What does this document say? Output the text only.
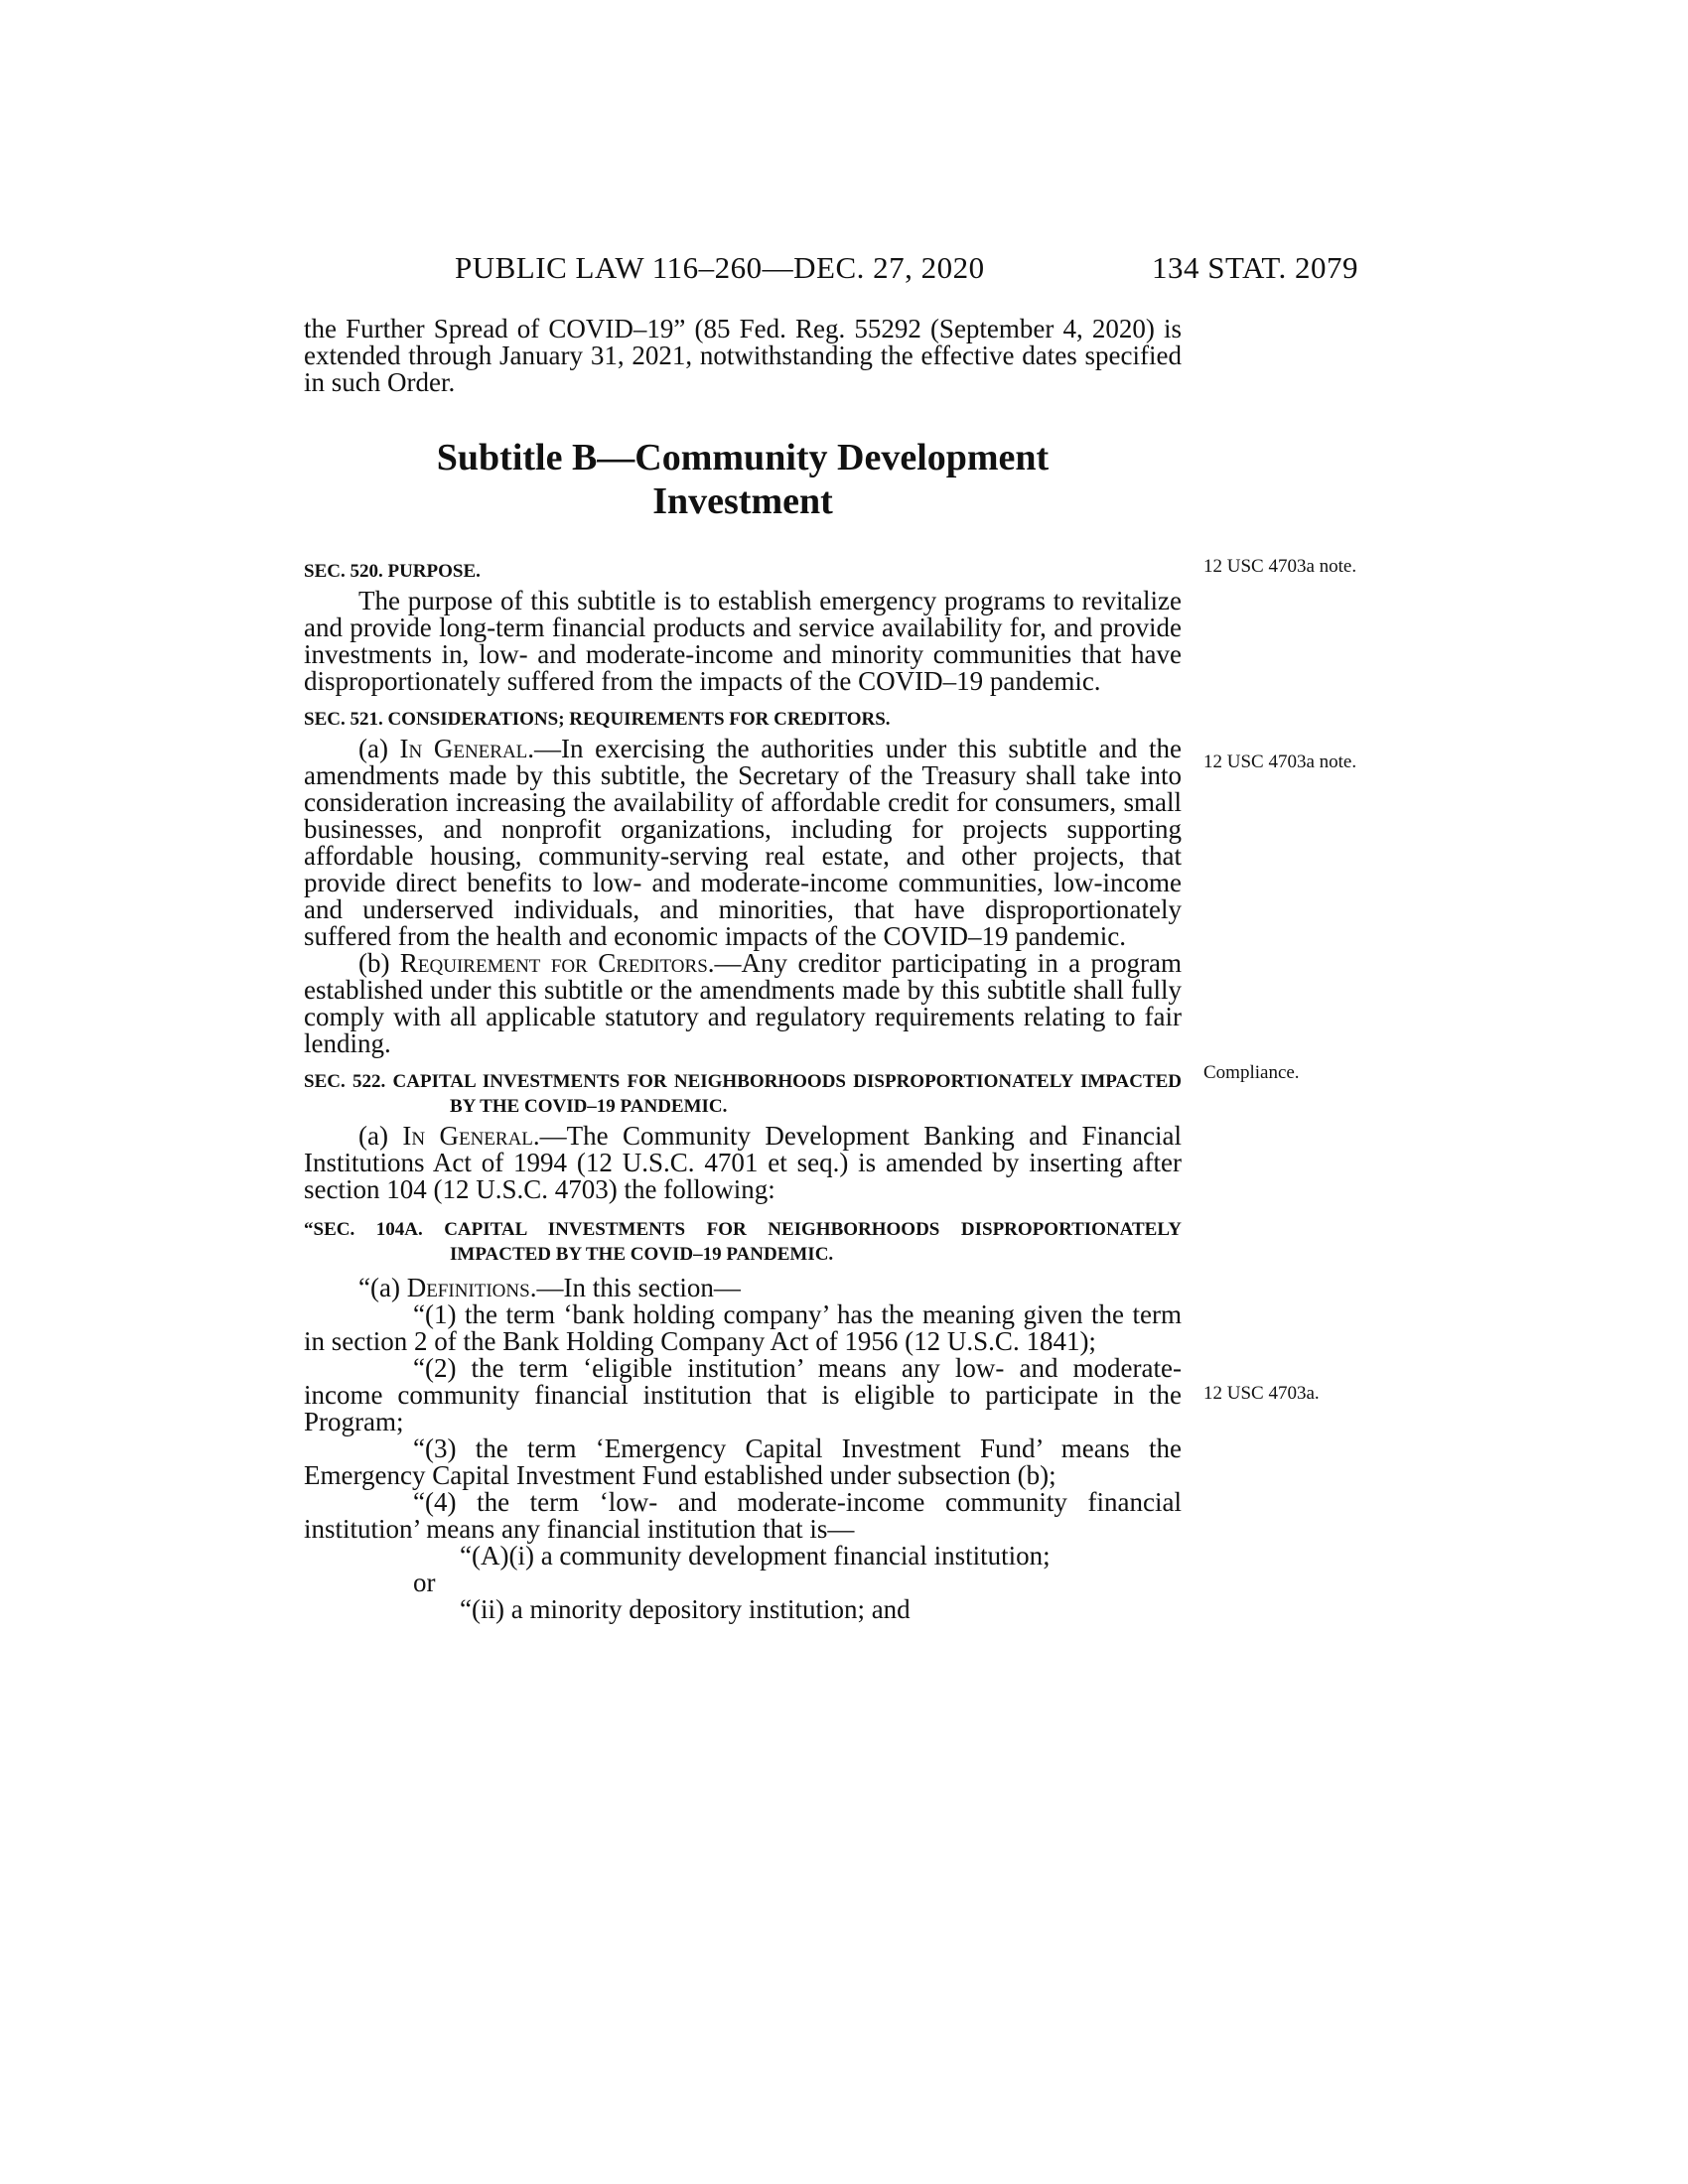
PUBLIC LAW 116–260—DEC. 27, 2020	134 STAT. 2079
12 USC 4703a note.
12 USC 4703a note.
Compliance.
12 USC 4703a.

the Further Spread of COVID–19” (85 Fed. Reg. 55292 (September 4, 2020) is extended through January 31, 2021, notwithstanding the effective dates specified in such Order.

Subtitle B—Community Development
Investment
SEC. 520. PURPOSE.

The purpose of this subtitle is to establish emergency programs to revitalize and provide long-term financial products and service availability for, and provide investments in, low- and moderate-income and minority communities that have disproportionately suffered from the impacts of the COVID–19 pandemic.

SEC. 521. CONSIDERATIONS; REQUIREMENTS FOR CREDITORS.

(a) In General.—In exercising the authorities under this subtitle and the amendments made by this subtitle, the Secretary of the Treasury shall take into consideration increasing the availability of affordable credit for consumers, small businesses, and nonprofit organizations, including for projects supporting affordable housing, community-serving real estate, and other projects, that provide direct benefits to low- and moderate-income communities, low-income and underserved individuals, and minorities, that have disproportionately suffered from the health and economic impacts of the COVID–19 pandemic.

(b) Requirement for Creditors.—Any creditor participating in a program established under this subtitle or the amendments made by this subtitle shall fully comply with all applicable statutory and regulatory requirements relating to fair lending.

SEC. 522. CAPITAL INVESTMENTS FOR NEIGHBORHOODS DISPROPORTIONATELY IMPACTED BY THE COVID–19 PANDEMIC.

(a) In General.—The Community Development Banking and Financial Institutions Act of 1994 (12 U.S.C. 4701 et seq.) is amended by inserting after section 104 (12 U.S.C. 4703) the following:

“SEC. 104A. CAPITAL INVESTMENTS FOR NEIGHBORHOODS DISPROPORTIONATELY IMPACTED BY THE COVID–19 PANDEMIC.

“(a) Definitions.—In this section—

“(1) the term ‘bank holding company’ has the meaning given the term in section 2 of the Bank Holding Company Act of 1956 (12 U.S.C. 1841);

“(2) the term ‘eligible institution’ means any low- and moderate-income community financial institution that is eligible to participate in the Program;

“(3) the term ‘Emergency Capital Investment Fund’ means the Emergency Capital Investment Fund established under subsection (b);

“(4) the term ‘low- and moderate-income community financial institution’ means any financial institution that is—

“(A)(i) a community development financial institution;

or

“(ii) a minority depository institution; and
